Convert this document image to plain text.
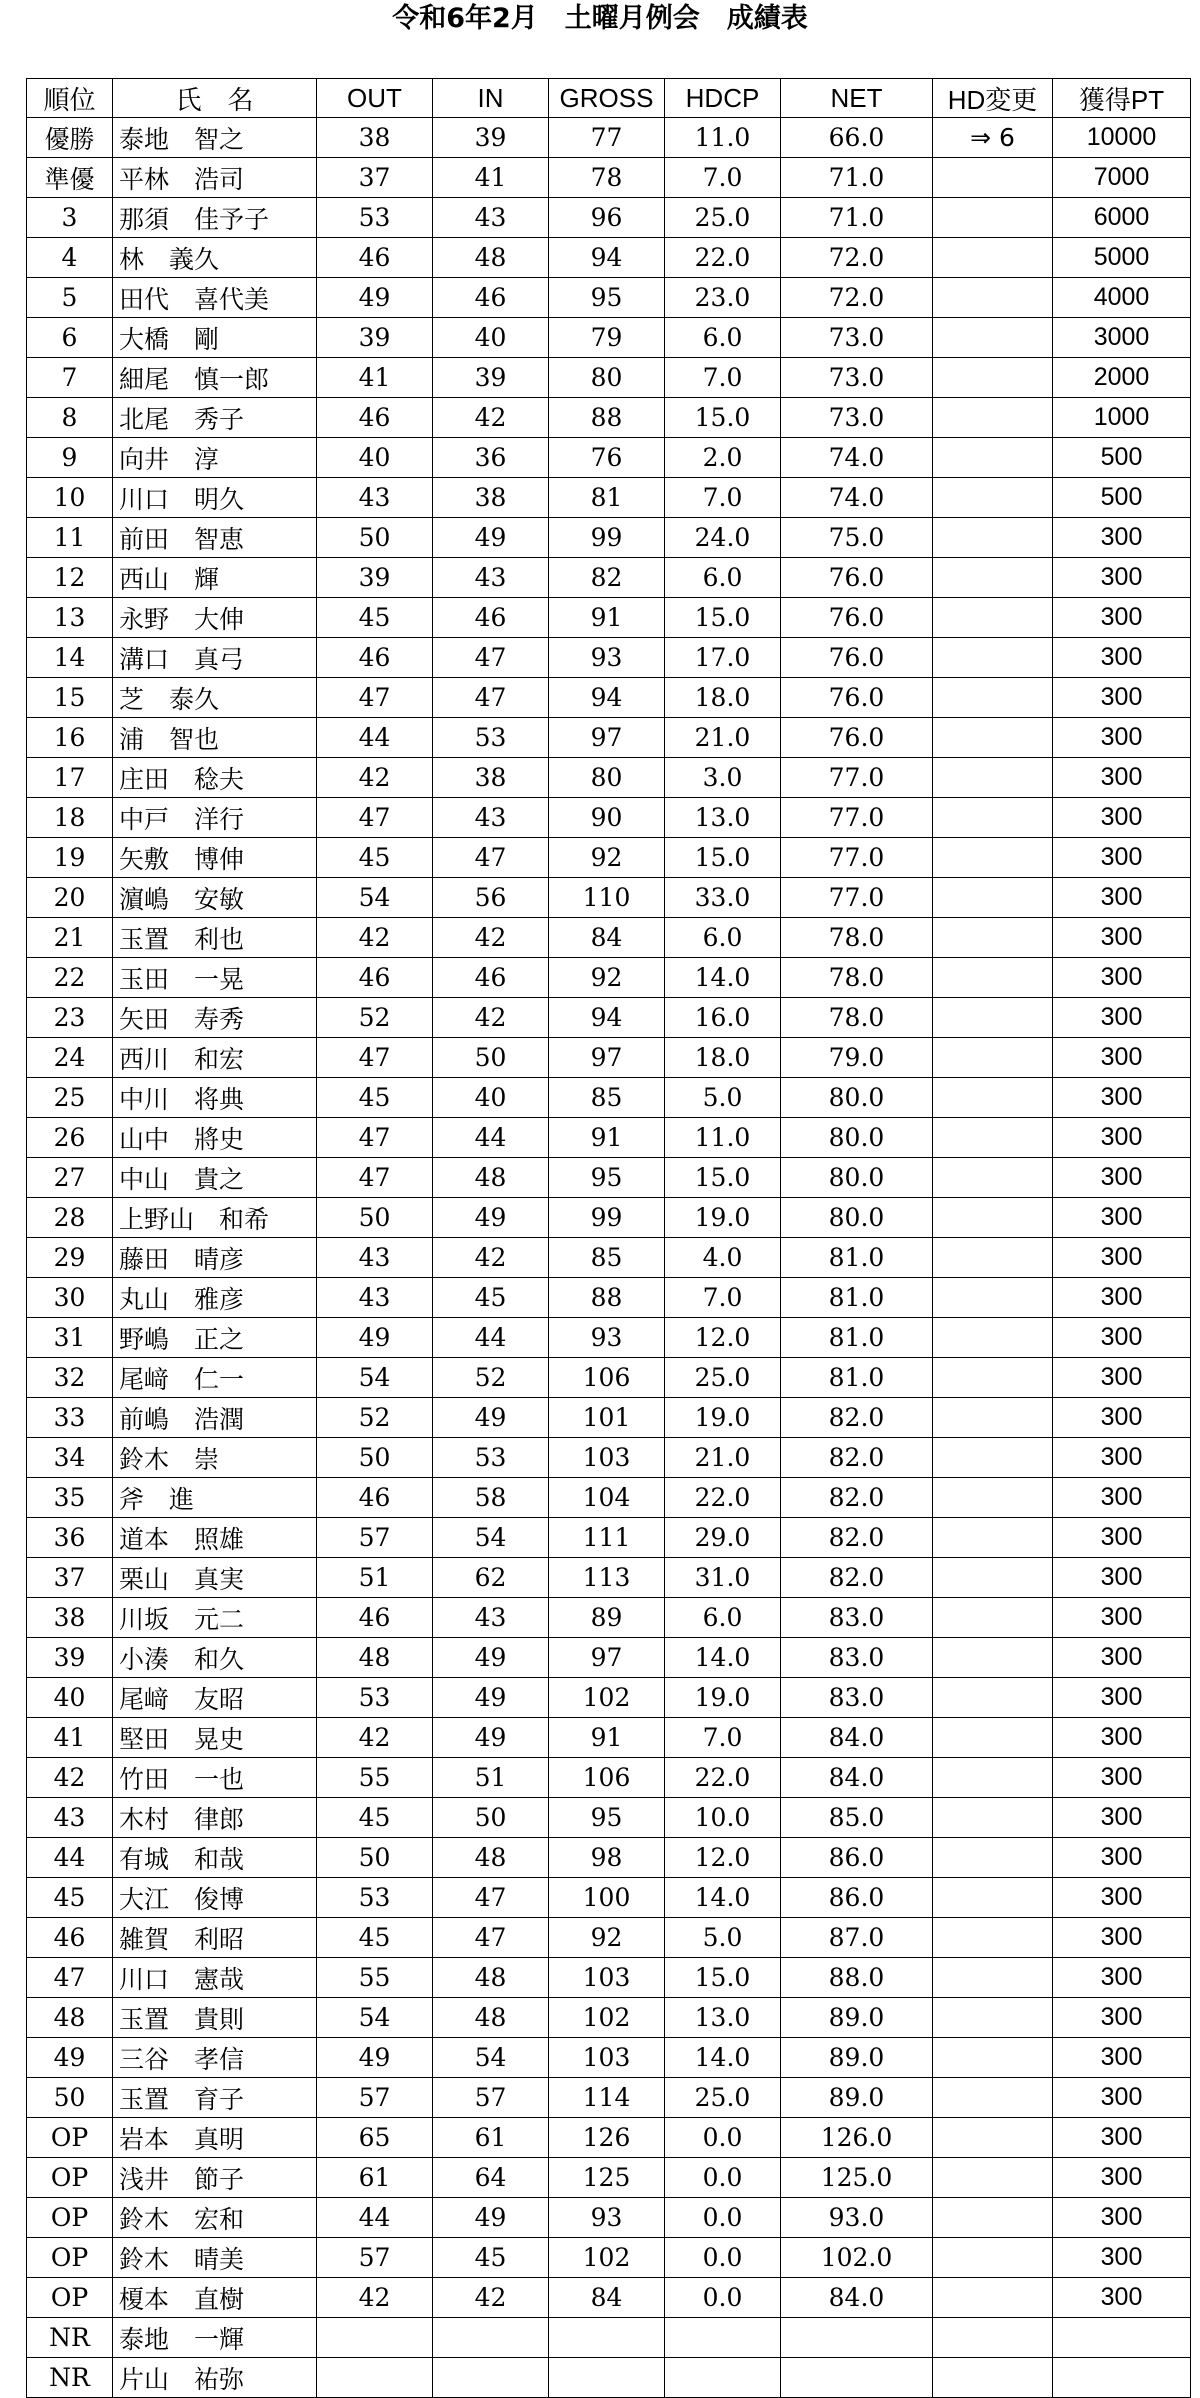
令和6年2月　土曜月例会　成績表
順位	氏　名	OUT	IN	GROSS	HDCP	NET	HD変更	獲得PT
優勝	泰地　智之	38	39	77	11.0	66.0	⇒ 6	10000
準優	平林　浩司	37	41	78	7.0	71.0		7000
3	那須　佳予子	53	43	96	25.0	71.0		6000
4	林　義久	46	48	94	22.0	72.0		5000
5	田代　喜代美	49	46	95	23.0	72.0		4000
6	大橋　剛	39	40	79	6.0	73.0		3000
7	細尾　慎一郎	41	39	80	7.0	73.0		2000
8	北尾　秀子	46	42	88	15.0	73.0		1000
9	向井　淳	40	36	76	2.0	74.0		500
10	川口　明久	43	38	81	7.0	74.0		500
11	前田　智恵	50	49	99	24.0	75.0		300
12	西山　輝	39	43	82	6.0	76.0		300
13	永野　大伸	45	46	91	15.0	76.0		300
14	溝口　真弓	46	47	93	17.0	76.0		300
15	芝　泰久	47	47	94	18.0	76.0		300
16	浦　智也	44	53	97	21.0	76.0		300
17	庄田　稔夫	42	38	80	3.0	77.0		300
18	中戸　洋行	47	43	90	13.0	77.0		300
19	矢敷　博伸	45	47	92	15.0	77.0		300
20	濵嶋　安敏	54	56	110	33.0	77.0		300
21	玉置　利也	42	42	84	6.0	78.0		300
22	玉田　一晃	46	46	92	14.0	78.0		300
23	矢田　寿秀	52	42	94	16.0	78.0		300
24	西川　和宏	47	50	97	18.0	79.0		300
25	中川　将典	45	40	85	5.0	80.0		300
26	山中　將史	47	44	91	11.0	80.0		300
27	中山　貴之	47	48	95	15.0	80.0		300
28	上野山　和希	50	49	99	19.0	80.0		300
29	藤田　晴彦	43	42	85	4.0	81.0		300
30	丸山　雅彦	43	45	88	7.0	81.0		300
31	野嶋　正之	49	44	93	12.0	81.0		300
32	尾﨑　仁一	54	52	106	25.0	81.0		300
33	前嶋　浩潤	52	49	101	19.0	82.0		300
34	鈴木　崇	50	53	103	21.0	82.0		300
35	斧　進	46	58	104	22.0	82.0		300
36	道本　照雄	57	54	111	29.0	82.0		300
37	栗山　真実	51	62	113	31.0	82.0		300
38	川坂　元二	46	43	89	6.0	83.0		300
39	小湊　和久	48	49	97	14.0	83.0		300
40	尾﨑　友昭	53	49	102	19.0	83.0		300
41	堅田　晃史	42	49	91	7.0	84.0		300
42	竹田　一也	55	51	106	22.0	84.0		300
43	木村　律郎	45	50	95	10.0	85.0		300
44	有城　和哉	50	48	98	12.0	86.0		300
45	大江　俊博	53	47	100	14.0	86.0		300
46	雑賀　利昭	45	47	92	5.0	87.0		300
47	川口　憲哉	55	48	103	15.0	88.0		300
48	玉置　貴則	54	48	102	13.0	89.0		300
49	三谷　孝信	49	54	103	14.0	89.0		300
50	玉置　育子	57	57	114	25.0	89.0		300
OP	岩本　真明	65	61	126	0.0	126.0		300
OP	浅井　節子	61	64	125	0.0	125.0		300
OP	鈴木　宏和	44	49	93	0.0	93.0		300
OP	鈴木　晴美	57	45	102	0.0	102.0		300
OP	榎本　直樹	42	42	84	0.0	84.0		300
NR	泰地　一輝							
NR	片山　祐弥							
